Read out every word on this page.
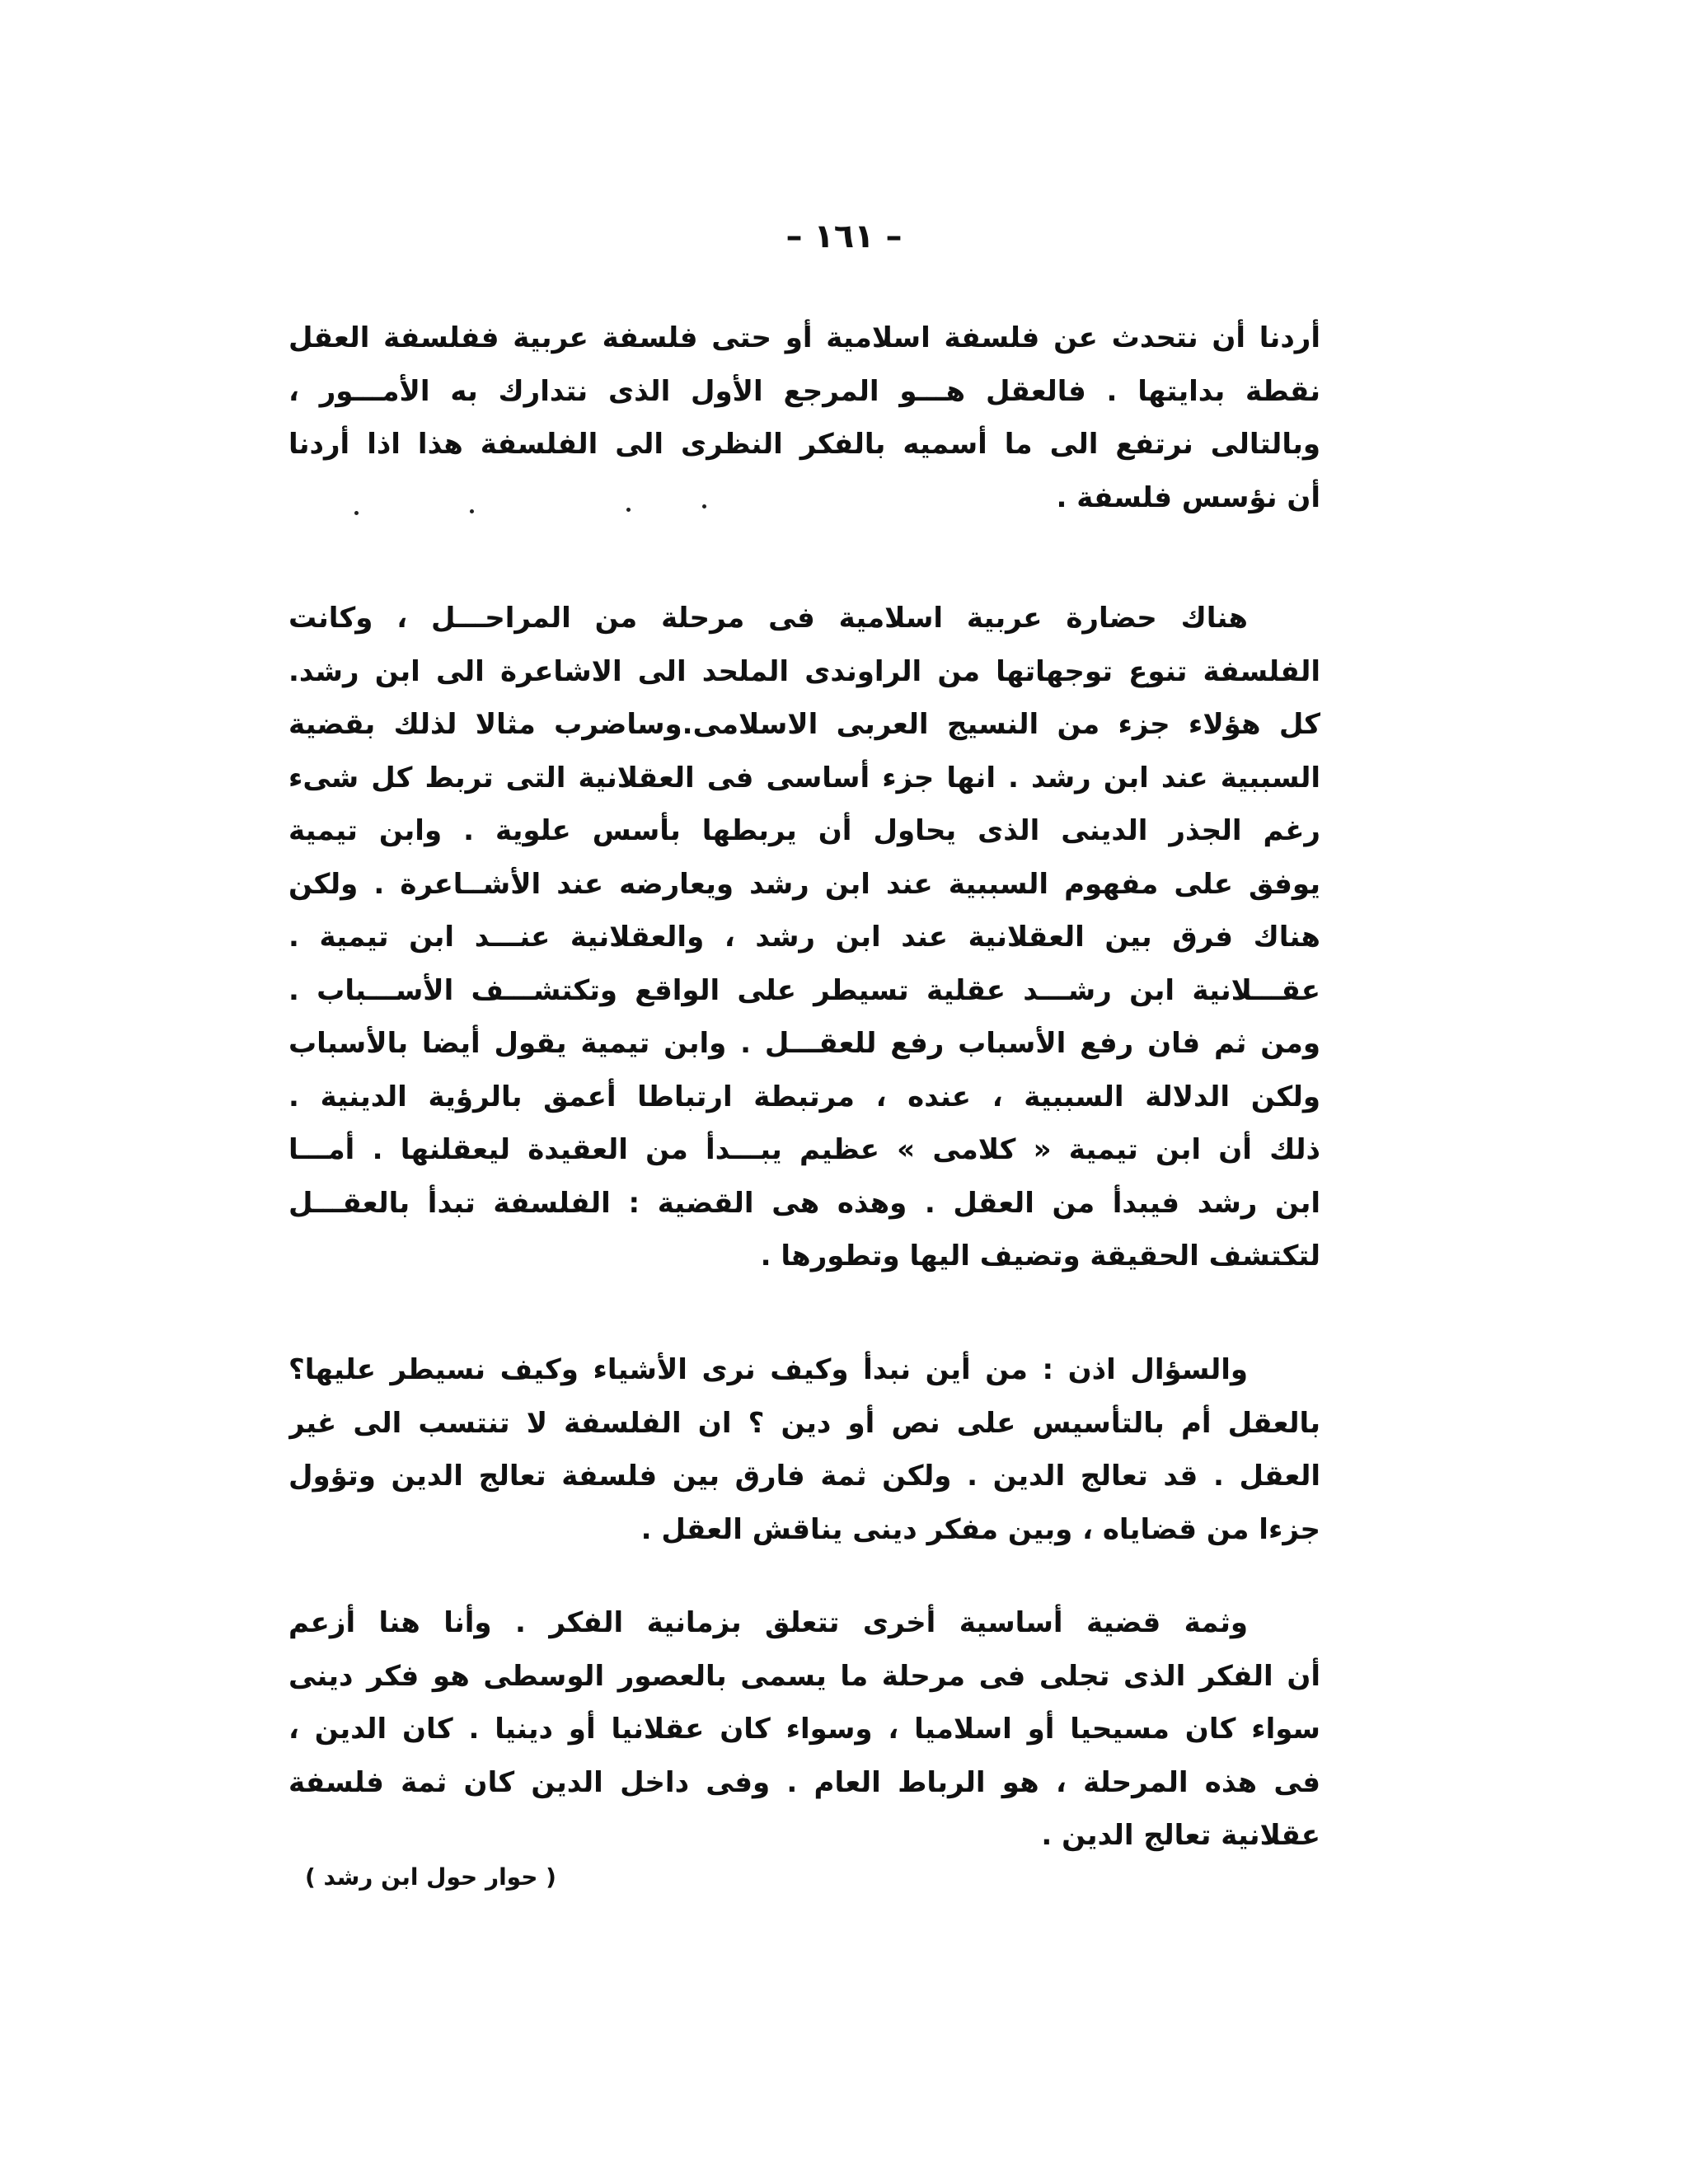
– ١٦١ –
أردنا أن نتحدث عن فلسفة اسلامية أو حتى فلسفة عربية ففلسفة العقل
نقطة بدايتها . فالعقل هـــو المرجع الأول الذى نتدارك به الأمـــور ،
وبالتالى نرتفع الى ما أسميه بالفكر النظرى الى الفلسفة هذا اذا أردنا
أن نؤسس فلسفة .
هناك حضارة عربية اسلامية فى مرحلة من المراحـــل ، وكانت
الفلسفة تنوع توجهاتها من الراوندى الملحد الى الاشاعرة الى ابن رشد.
كل هؤلاء جزء من النسيج العربى الاسلامى.وساضرب مثالا لذلك بقضية
السببية عند ابن رشد . انها جزء أساسى فى العقلانية التى تربط كل شىء
رغم الجذر الدينى الذى يحاول أن يربطها بأسس علوية . وابن تيمية
يوفق على مفهوم السببية عند ابن رشد ويعارضه عند الأشــاعرة . ولكن
هناك فرق بين العقلانية عند ابن رشد ، والعقلانية عنـــد ابن تيمية .
عقـــلانية ابن رشـــد عقلية تسيطر على الواقع وتكتشـــف الأســـباب .
ومن ثم فان رفع الأسباب رفع للعقـــل . وابن تيمية يقول أيضا بالأسباب
ولكن الدلالة السببية ، عنده ، مرتبطة ارتباطا أعمق بالرؤية الدينية .
ذلك أن ابن تيمية « كلامى » عظيم يبـــدأ من العقيدة ليعقلنها . أمـــا
ابن رشد فيبدأ من العقل . وهذه هى القضية : الفلسفة تبدأ بالعقـــل
لتكتشف الحقيقة وتضيف اليها وتطورها .
والسؤال اذن : من أين نبدأ وكيف نرى الأشياء وكيف نسيطر عليها؟
بالعقل أم بالتأسيس على نص أو دين ؟ ان الفلسفة لا تنتسب الى غير
العقل . قد تعالج الدين . ولكن ثمة فارق بين فلسفة تعالج الدين وتؤول
جزءا من قضاياه ، وبين مفكر دينى يناقش العقل .
وثمة قضية أساسية أخرى تتعلق بزمانية الفكر . وأنا هنا أزعم
أن الفكر الذى تجلى فى مرحلة ما يسمى بالعصور الوسطى هو فكر دينى
سواء كان مسيحيا أو اسلاميا ، وسواء كان عقلانيا أو دينيا . كان الدين ،
فى هذه المرحلة ، هو الرباط العام . وفى داخل الدين كان ثمة فلسفة
عقلانية تعالج الدين .
( حوار حول ابن رشد )
